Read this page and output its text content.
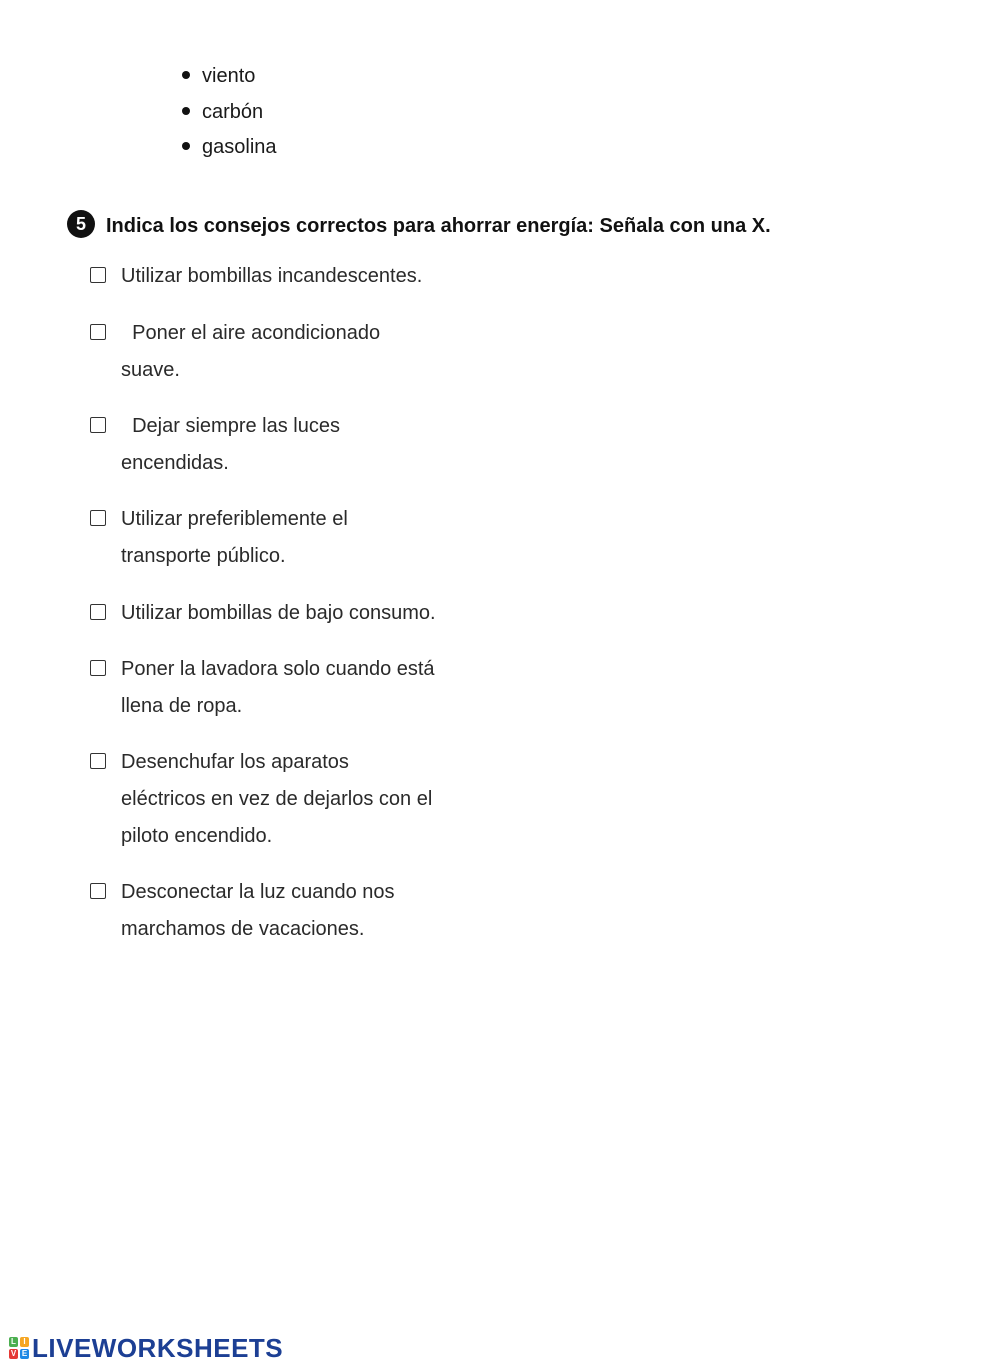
viento
carbón
gasolina
5	Indica los consejos correctos para ahorrar energía: Señala con una X.
Utilizar bombillas incandescentes.
Poner el aire acondicionado
suave.
Dejar siempre las luces
encendidas.
Utilizar preferiblemente el
transporte público.
Utilizar bombillas de bajo consumo.
Poner la lavadora solo cuando está
llena de ropa.
Desenchufar los aparatos
eléctricos en vez de dejarlos con el
piloto encendido.
Desconectar la luz cuando nos
marchamos de vacaciones.
L I
V E LIVEWORKSHEETS
